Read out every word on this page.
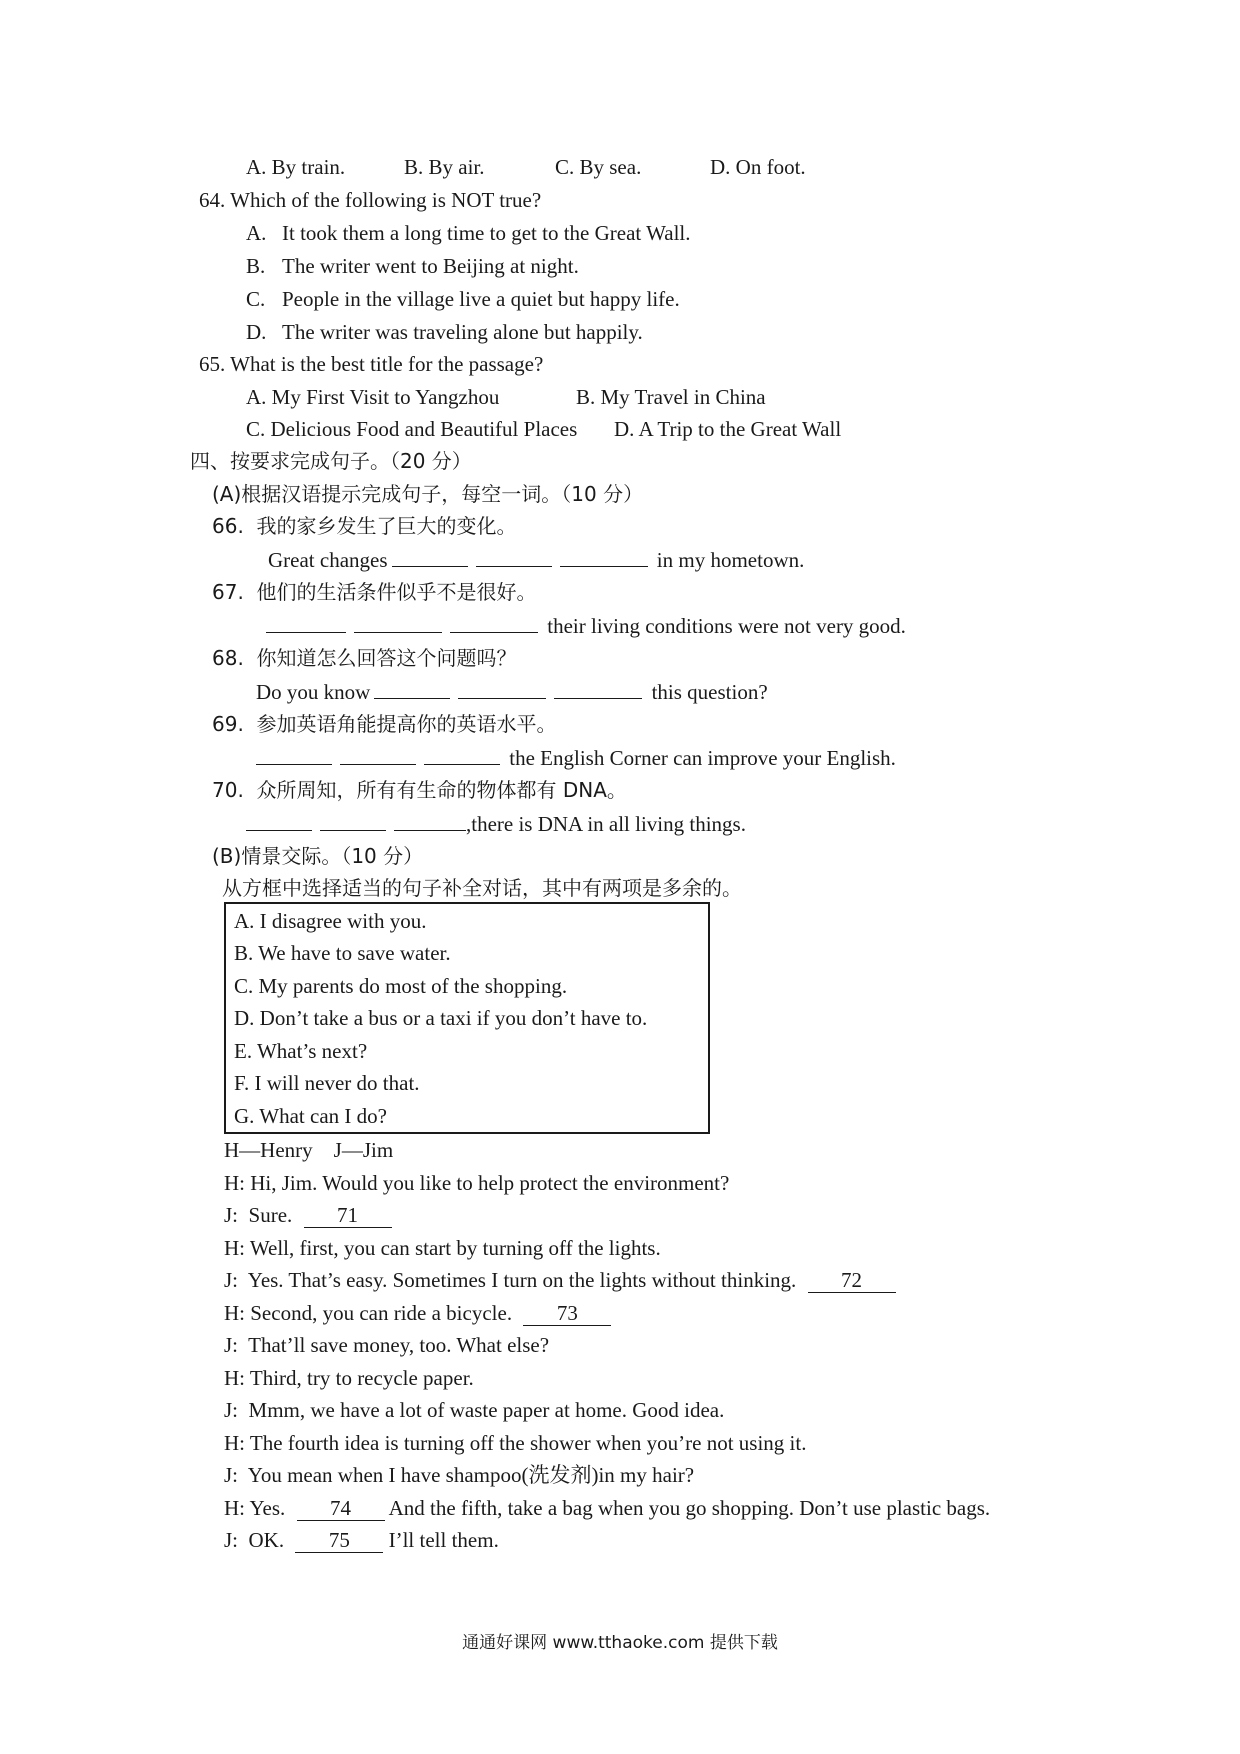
A. By train.	B. By air.	C. By sea.	D. On foot.
64. Which of the following is NOT true?
A. It took them a long time to get to the Great Wall.
B. The writer went to Beijing at night.
C. People in the village live a quiet but happy life.
D. The writer was traveling alone but happily.
65. What is the best title for the passage?
A. My First Visit to Yangzhou	B. My Travel in China
C. Delicious Food and Beautiful Places D. A Trip to the Great Wall
四、按要求完成句子。（20 分）
(A)根据汉语提示完成句子，每空一词。（10 分）
66.  我的家乡发生了巨大的变化。
Great changes	in my hometown.
67.  他们的生活条件似乎不是很好。
their living conditions were not very good.
68.  你知道怎么回答这个问题吗？
Do you know	this question?
69.  参加英语角能提高你的英语水平。
the English Corner can improve your English.
70.  众所周知，所有有生命的物体都有 DNA。
,there is DNA in all living things.
(B)情景交际。（10 分）
从方框中选择适当的句子补全对话，其中有两项是多余的。
A. I disagree with you.
B. We have to save water.
C. My parents do most of the shopping.
D. Don’t take a bus or a taxi if you don’t have to.
E. What’s next?
F. I will never do that.
G. What can I do?
H—Henry    J—Jim
H: Hi, Jim. Would you like to help protect the environment?
J: Sure. 71
H: Well, first, you can start by turning off the lights.
J: Yes. That’s easy. Sometimes I turn on the lights without thinking. 72
H: Second, you can ride a bicycle. 73
J: That’ll save money, too. What else?
H: Third, try to recycle paper.
J: Mmm, we have a lot of waste paper at home. Good idea.
H: The fourth idea is turning off the shower when you’re not using it.
J: You mean when I have shampoo(洗发剂)in my hair?
H: Yes. 74 And the fifth, take a bag when you go shopping. Don’t use plastic bags.
J: OK. 75 I’ll tell them.
通通好课网 www.tthaoke.com 提供下载
